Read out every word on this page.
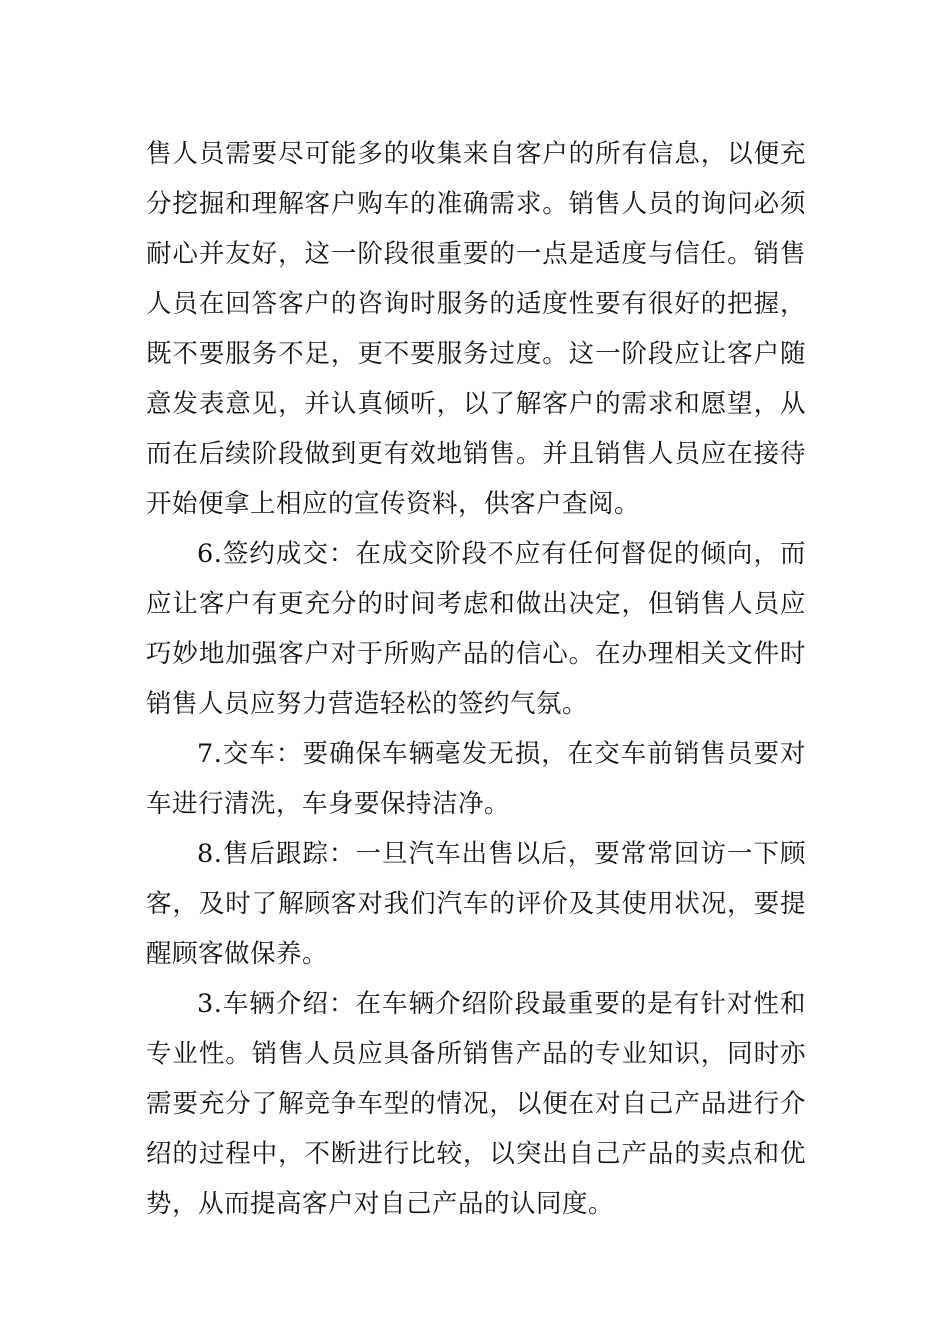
售人员需要尽可能多的收集来自客户的所有信息，以便充分挖掘和理解客户购车的准确需求。销售人员的询问必须耐心并友好，这一阶段很重要的一点是适度与信任。销售人员在回答客户的咨询时服务的适度性要有很好的把握，既不要服务不足，更不要服务过度。这一阶段应让客户随意发表意见，并认真倾听，以了解客户的需求和愿望，从而在后续阶段做到更有效地销售。并且销售人员应在接待开始便拿上相应的宣传资料，供客户查阅。

6.签约成交：在成交阶段不应有任何督促的倾向，而应让客户有更充分的时间考虑和做出决定，但销售人员应巧妙地加强客户对于所购产品的信心。在办理相关文件时销售人员应努力营造轻松的签约气氛。

7.交车：要确保车辆毫发无损，在交车前销售员要对车进行清洗，车身要保持洁净。

8.售后跟踪：一旦汽车出售以后，要常常回访一下顾客，及时了解顾客对我们汽车的评价及其使用状况，要提醒顾客做保养。

3.车辆介绍：在车辆介绍阶段最重要的是有针对性和专业性。销售人员应具备所销售产品的专业知识，同时亦需要充分了解竞争车型的情况，以便在对自己产品进行介绍的过程中，不断进行比较，以突出自己产品的卖点和优势，从而提高客户对自己产品的认同度。
